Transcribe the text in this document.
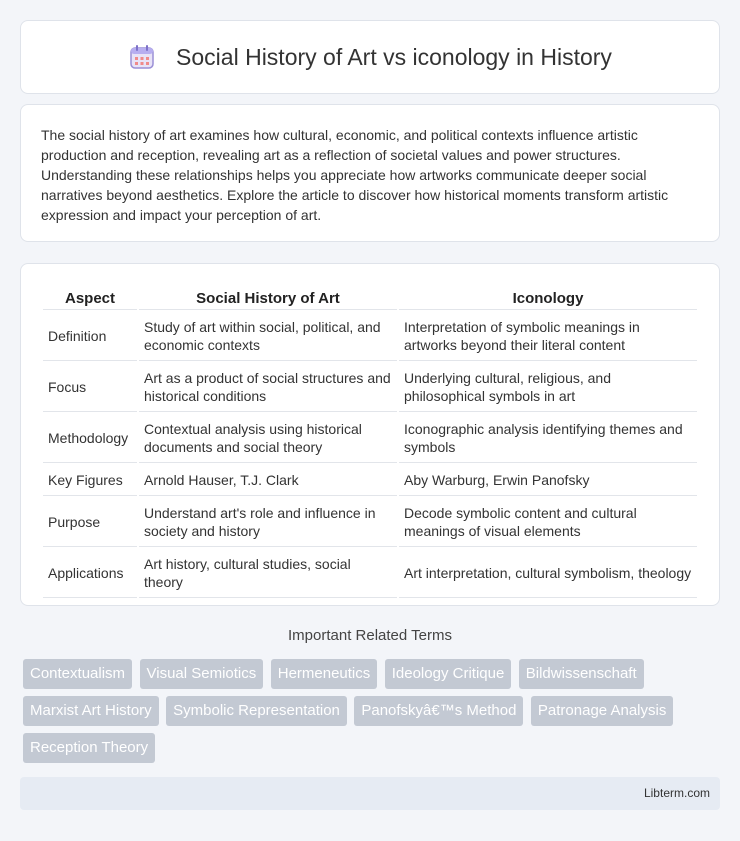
Social History of Art vs iconology in History

The social history of art examines how cultural, economic, and political contexts influence artistic production and reception, revealing art as a reflection of societal values and power structures. Understanding these relationships helps you appreciate how artworks communicate deeper social narratives beyond aesthetics. Explore the article to discover how historical moments transform artistic expression and impact your perception of art.

Aspect	Social History of Art	Iconology
Definition	Study of art within social, political, and economic contexts	Interpretation of symbolic meanings in artworks beyond their literal content
Focus	Art as a product of social structures and historical conditions	Underlying cultural, religious, and philosophical symbols in art
Methodology	Contextual analysis using historical documents and social theory	Iconographic analysis identifying themes and symbols
Key Figures	Arnold Hauser, T.J. Clark	Aby Warburg, Erwin Panofsky
Purpose	Understand art's role and influence in society and history	Decode symbolic content and cultural meanings of visual elements
Applications	Art history, cultural studies, social theory	Art interpretation, cultural symbolism, theology
Important Related Terms
Contextualism Visual Semiotics Hermeneutics Ideology Critique Bildwissenschaft Marxist Art History Symbolic Representation Panofskyâ€™s Method Patronage Analysis Reception Theory
Libterm.com
